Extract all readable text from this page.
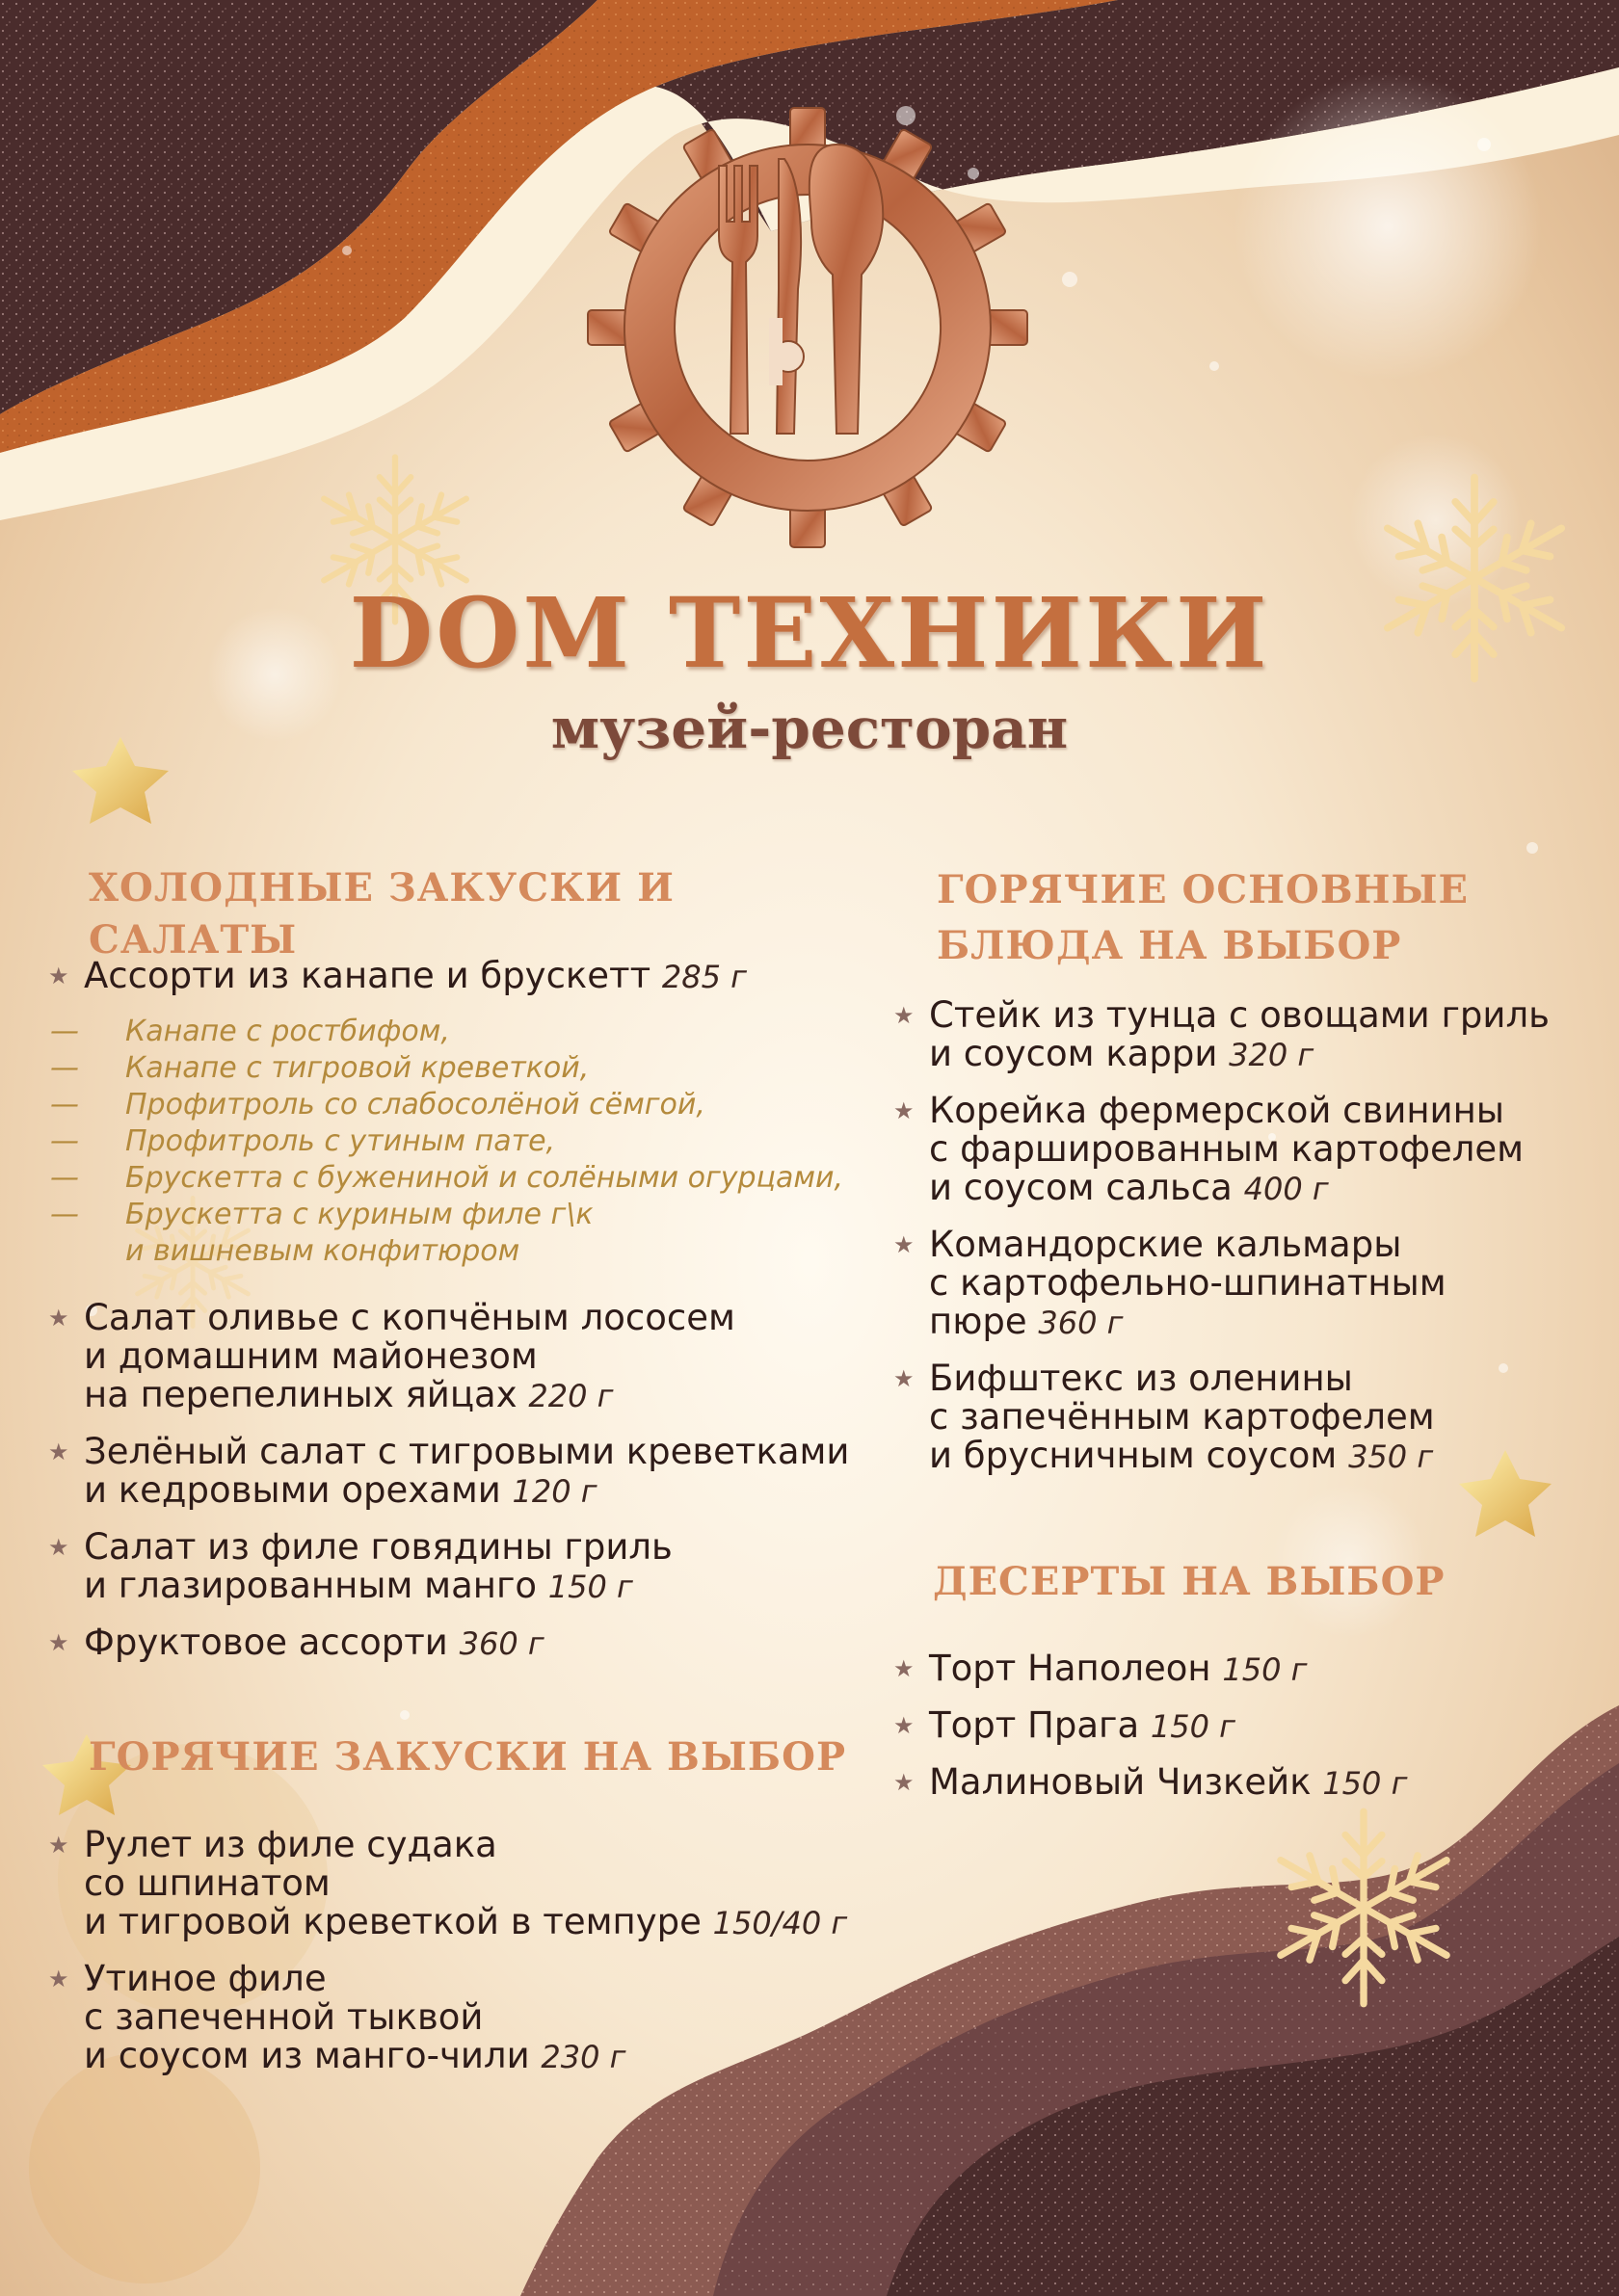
DOM ТЕХНИКИ
музей-ресторан
ХОЛОДНЫЕ ЗАКУСКИ И САЛАТЫ
★ Ассорти из канапе и брускетт 285 г
— Канапе с ростбифом,
— Канапе с тигровой креветкой,
— Профитроль со слабосолёной сёмгой,
— Профитроль с утиным пате,
— Брускетта с бужениной и солёными огурцами,
— Брускетта с куриным филе г\к
и вишневым конфитюром
★ Салат оливье с копчёным лососем
и домашним майонезом
на перепелиных яйцах 220 г
★ Зелёный салат с тигровыми креветками
и кедровыми орехами 120 г
★ Салат из филе говядины гриль
и глазированным манго 150 г
★ Фруктовое ассорти 360 г
ГОРЯЧИЕ ЗАКУСКИ НА ВЫБОР
★ Рулет из филе судака
со шпинатом
и тигровой креветкой в темпуре 150/40 г
★ Утиное филе
с запеченной тыквой
и соусом из манго-чили 230 г
ГОРЯЧИЕ ОСНОВНЫЕ
БЛЮДА НА ВЫБОР
★ Стейк из тунца с овощами гриль
и соусом карри 320 г
★ Корейка фермерской свинины
с фаршированным картофелем
и соусом сальса 400 г
★ Командорские кальмары
с картофельно-шпинатным
пюре 360 г
★ Бифштекс из оленины
с запечённым картофелем
и брусничным соусом 350 г
ДЕСЕРТЫ НА ВЫБОР
★ Торт Наполеон 150 г
★ Торт Прага 150 г
★ Малиновый Чизкейк 150 г
